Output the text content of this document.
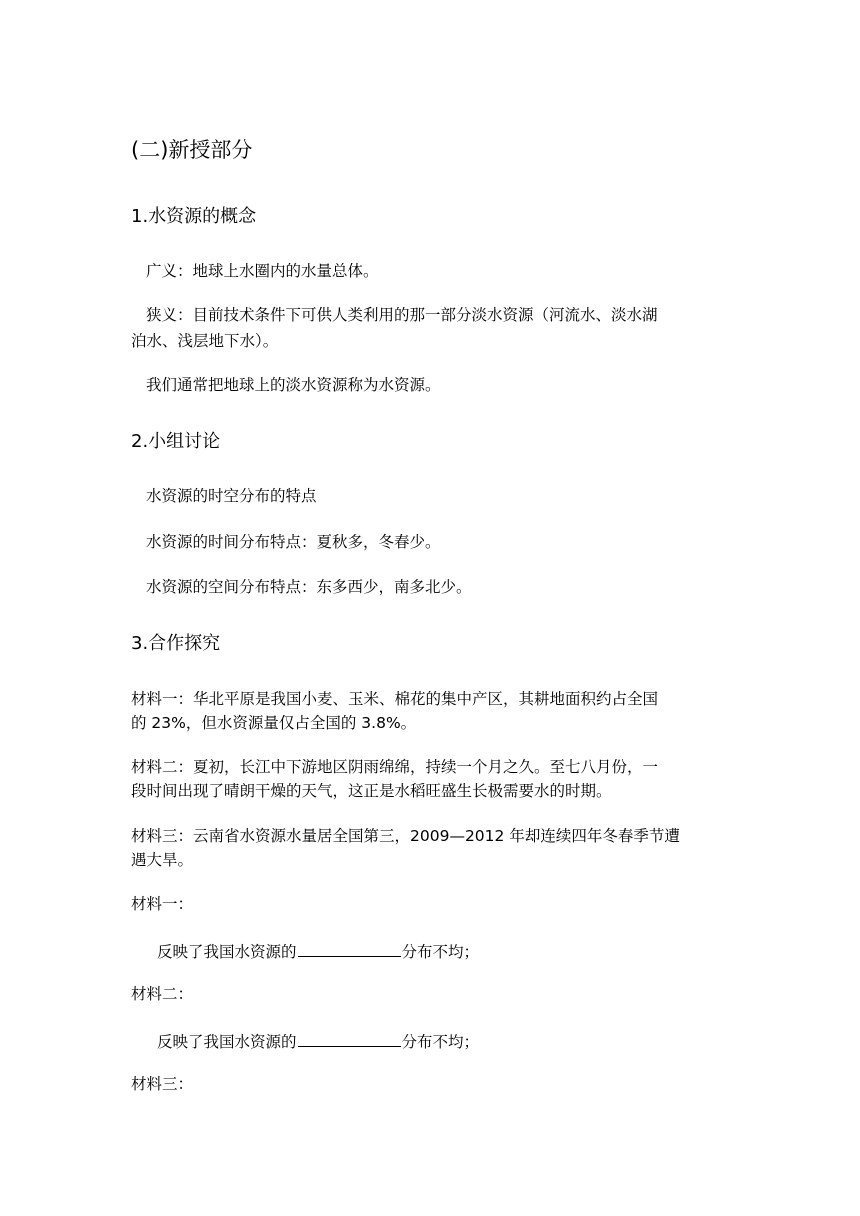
(二)新授部分
1.水资源的概念
广义：地球上水圈内的水量总体。
狭义：目前技术条件下可供人类利用的那一部分淡水资源（河流水、淡水湖
泊水、浅层地下水）。
我们通常把地球上的淡水资源称为水资源。
2.小组讨论
水资源的时空分布的特点
水资源的时间分布特点：夏秋多，冬春少。
水资源的空间分布特点：东多西少，南多北少。
3.合作探究
材料一：华北平原是我国小麦、玉米、棉花的集中产区，其耕地面积约占全国
的 23%，但水资源量仅占全国的 3.8%。
材料二：夏初，长江中下游地区阴雨绵绵，持续一个月之久。至七八月份，一
段时间出现了晴朗干燥的天气，这正是水稻旺盛生长极需要水的时期。
材料三：云南省水资源水量居全国第三，2009—2012 年却连续四年冬春季节遭
遇大旱。
材料一：
反映了我国水资源的	分布不均；
材料二：
反映了我国水资源的	分布不均；
材料三：
